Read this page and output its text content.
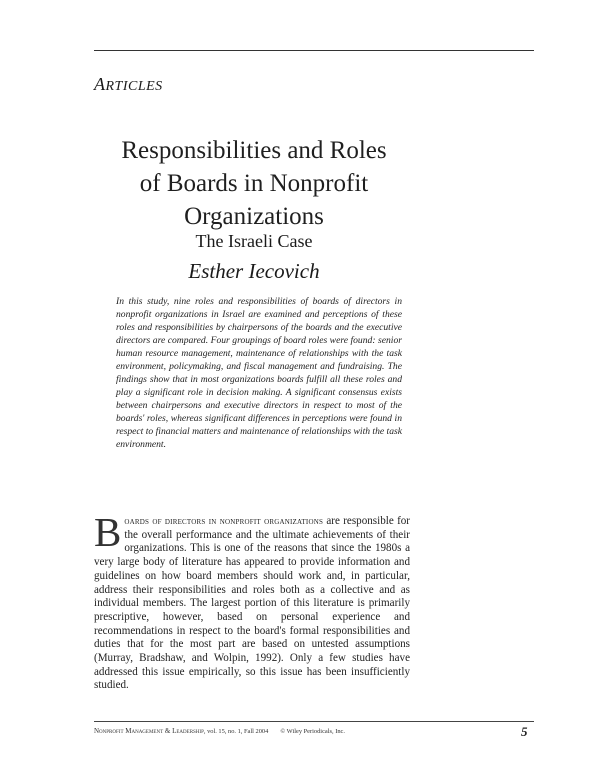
ARTICLES
Responsibilities and Roles
of Boards in Nonprofit
Organizations
The Israeli Case
Esther Iecovich

In this study, nine roles and responsibilities of boards of directors in nonprofit organizations in Israel are examined and perceptions of these roles and responsibilities by chairpersons of the boards and the executive directors are compared. Four groupings of board roles were found: senior human resource management, maintenance of relationships with the task environment, policymaking, and fiscal management and fundraising. The findings show that in most organizations boards fulfill all these roles and play a significant role in decision making. A significant consensus exists between chairpersons and executive directors in respect to most of the boards' roles, whereas significant differences in perceptions were found in respect to financial matters and maintenance of relationships with the task environment.

Boards of directors in nonprofit organizations are responsible for the overall performance and the ultimate achievements of their organizations. This is one of the reasons that since the 1980s a very large body of literature has appeared to provide information and guidelines on how board members should work and, in particular, address their responsibilities and roles both as a collective and as individual members. The largest portion of this literature is primarily prescriptive, however, based on personal experience and recommendations in respect to the board's formal responsibilities and duties that for the most part are based on untested assumptions (Murray, Bradshaw, and Wolpin, 1992). Only a few studies have addressed this issue empirically, so this issue has been insufficiently studied.

Nonprofit Management & Leadership, vol. 15, no. 1, Fall 2004 © Wiley Periodicals, Inc.	5
